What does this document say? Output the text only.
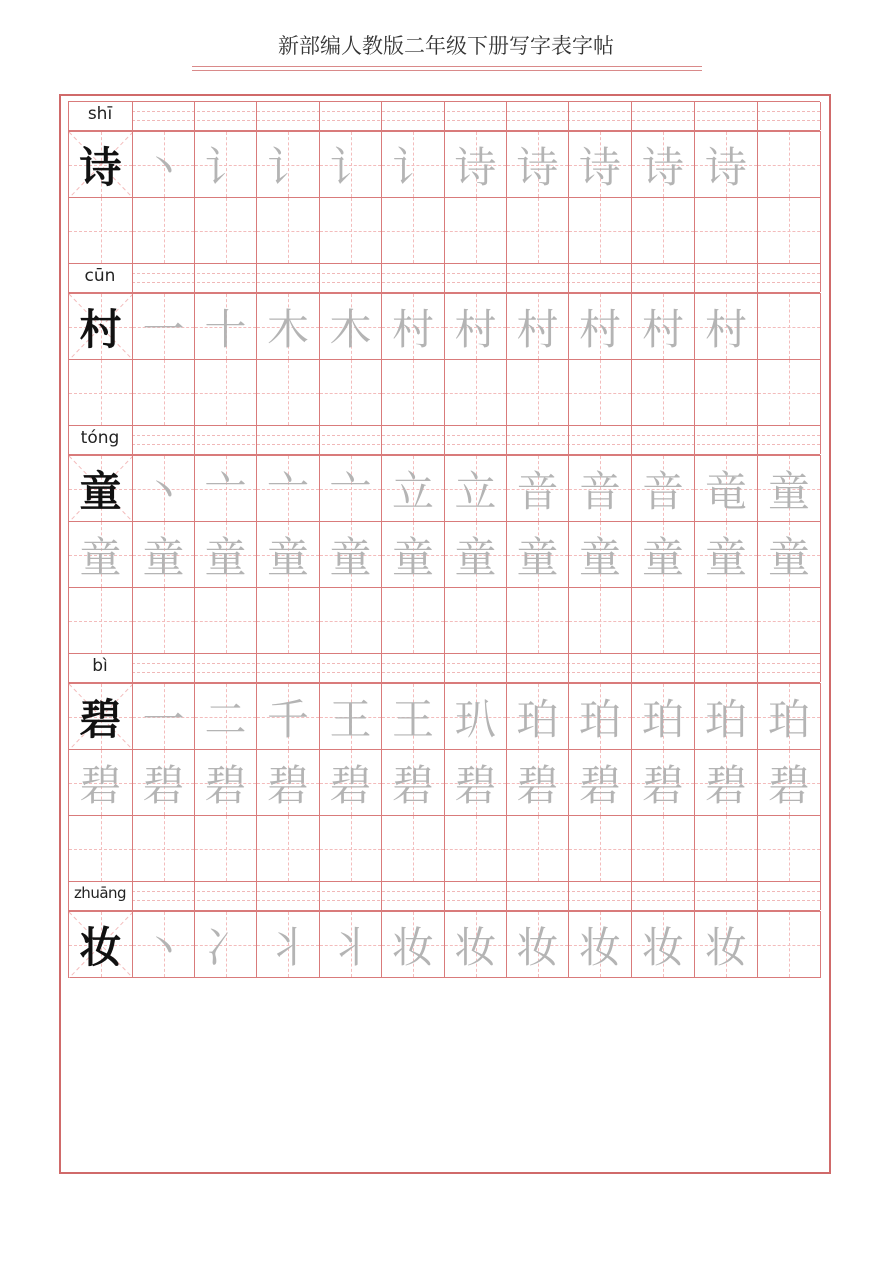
新部编人教版二年级下册写字表字帖
shī
诗 丶 讠 讠 讠 讠 诗 诗 诗 诗 诗
cūn
村 一 十 木 木 村 村 村 村 村 村
tóng
童 丶 亠 亠 亠 立 立 音 音 音 竜 童
童 童 童 童 童 童 童 童 童 童 童 童
bì
碧 一 二 千 王 王 玐 珀 珀 珀 珀 珀
碧 碧 碧 碧 碧 碧 碧 碧 碧 碧 碧 碧
zhuāng
妆 丶 冫 丬 丬 妆 妆 妆 妆 妆 妆
